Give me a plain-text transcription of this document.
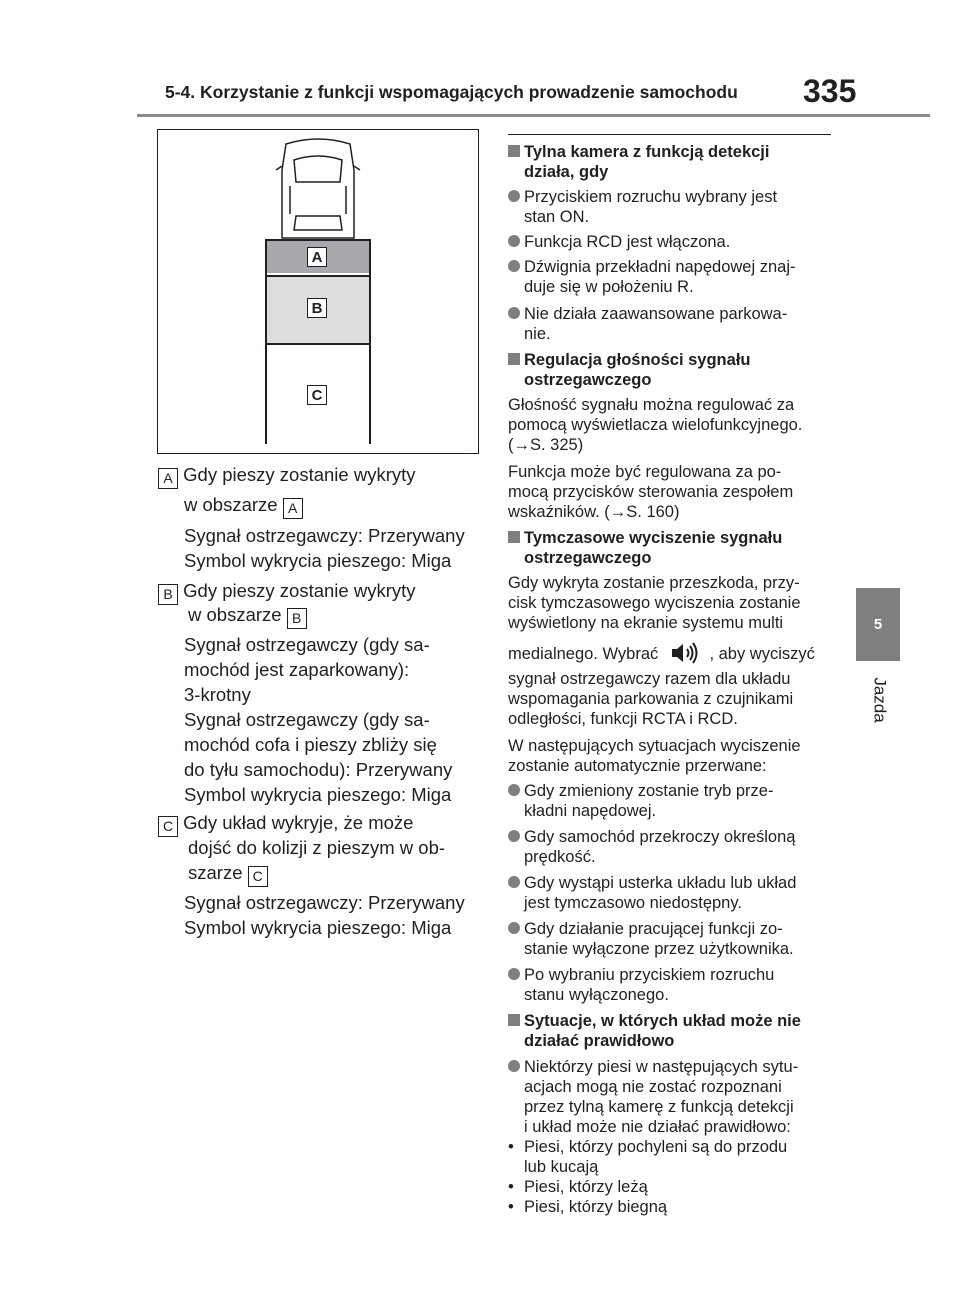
5-4. Korzystanie z funkcji wspomagających prowadzenie samochodu 335
5
Jazda
A
B
C
A Gdy pieszy zostanie wykryty
w obszarze A
Sygnał ostrzegawczy: Przerywany
Symbol wykrycia pieszego: Miga
B Gdy pieszy zostanie wykryty
w obszarze B
Sygnał ostrzegawczy (gdy sa-
mochód jest zaparkowany):
3-krotny
Sygnał ostrzegawczy (gdy sa-
mochód cofa i pieszy zbliży się
do tyłu samochodu): Przerywany
Symbol wykrycia pieszego: Miga
C Gdy układ wykryje, że może
dojść do kolizji z pieszym w ob-
szarze C
Sygnał ostrzegawczy: Przerywany
Symbol wykrycia pieszego: Miga
Tylna kamera z funkcją detekcji
działa, gdy
Przyciskiem rozruchu wybrany jest
stan ON.
Funkcja RCD jest włączona.
Dźwignia przekładni napędowej znaj-
duje się w położeniu R.
Nie działa zaawansowane parkowa-
nie.
Regulacja głośności sygnału
ostrzegawczego
Głośność sygnału można regulować za
pomocą wyświetlacza wielofunkcyjnego.
(→S. 325)
Funkcja może być regulowana za po-
mocą przycisków sterowania zespołem
wskaźników. (→S. 160)
Tymczasowe wyciszenie sygnału
ostrzegawczego
Gdy wykryta zostanie przeszkoda, przy-
cisk tymczasowego wyciszenia zostanie
wyświetlony na ekranie systemu multi
medialnego. Wybrać	, aby wyciszyć
sygnał ostrzegawczy razem dla układu
wspomagania parkowania z czujnikami
odległości, funkcji RCTA i RCD.
W następujących sytuacjach wyciszenie
zostanie automatycznie przerwane:
Gdy zmieniony zostanie tryb prze-
kładni napędowej.
Gdy samochód przekroczy określoną
prędkość.
Gdy wystąpi usterka układu lub układ
jest tymczasowo niedostępny.
Gdy działanie pracującej funkcji zo-
stanie wyłączone przez użytkownika.
Po wybraniu przyciskiem rozruchu
stanu wyłączonego.
Sytuacje, w których układ może nie
działać prawidłowo
Niektórzy piesi w następujących sytu-
acjach mogą nie zostać rozpoznani
przez tylną kamerę z funkcją detekcji
i układ może nie działać prawidłowo:
• Piesi, którzy pochyleni są do przodu
lub kucają
• Piesi, którzy leżą
• Piesi, którzy biegną
